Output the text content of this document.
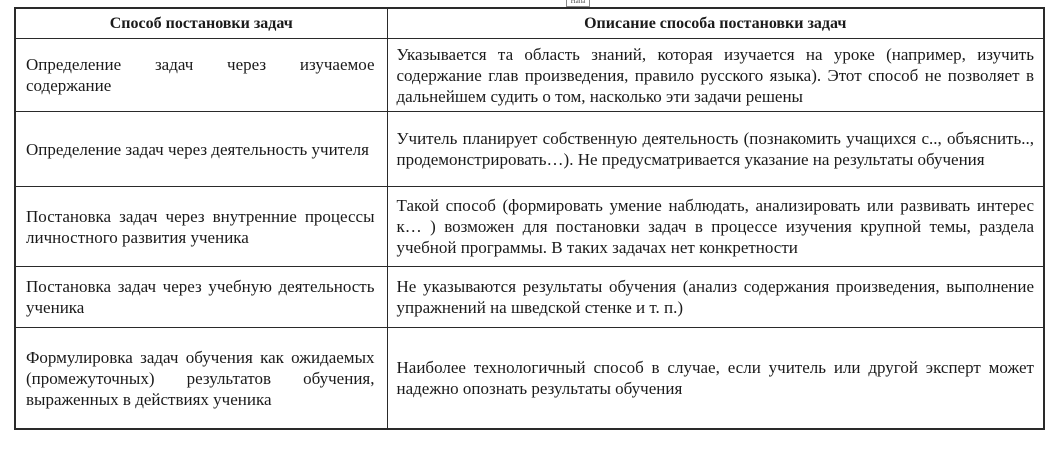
Hana
Способ постановки задач	Описание способа постановки задач
Определение задач через изучаемое содержание	Указывается та область знаний, которая изучается на уроке (например, изучить содержание глав произведения, правило русского языка). Этот способ не позволяет в дальнейшем судить о том, насколько эти задачи решены
Определение задач через деятельность учителя	Учитель планирует собственную деятельность (познакомить учащихся с.., объяснить.., продемонстрировать…). Не предусматривается указание на результаты обучения
Постановка задач через внутренние процессы личностного развития ученика	Такой способ (формировать умение наблюдать, анализировать или развивать интерес к… ) возможен для постановки задач в процессе изучения крупной темы, раздела учебной программы. В таких задачах нет конкретности
Постановка задач через учебную деятельность ученика	Не указываются результаты обучения (анализ содержания произведения, выполнение упражнений на шведской стенке и т. п.)
Формулировка задач обучения как ожидаемых (промежуточных) результатов обучения, выраженных в действиях ученика	Наиболее технологичный способ в случае, если учитель или другой эксперт может надежно опознать результаты обучения
